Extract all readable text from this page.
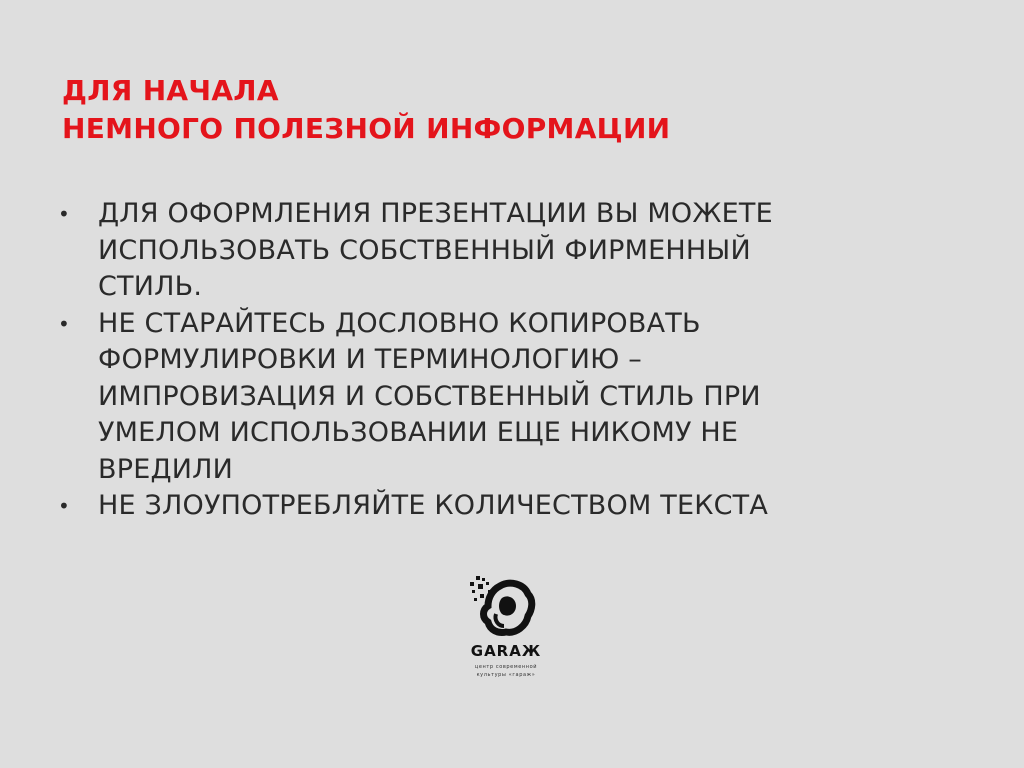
ДЛЯ НАЧАЛА
НЕМНОГО ПОЛЕЗНОЙ ИНФОРМАЦИИ
• ДЛЯ ОФОРМЛЕНИЯ ПРЕЗЕНТАЦИИ ВЫ МОЖЕТЕ
ИСПОЛЬЗОВАТЬ СОБСТВЕННЫЙ ФИРМЕННЫЙ
СТИЛЬ.
• НЕ СТАРАЙТЕСЬ ДОСЛОВНО КОПИРОВАТЬ
ФОРМУЛИРОВКИ И ТЕРМИНОЛОГИЮ –
ИМПРОВИЗАЦИЯ И СОБСТВЕННЫЙ СТИЛЬ ПРИ
УМЕЛОМ ИСПОЛЬЗОВАНИИ ЕЩЕ НИКОМУ НЕ
ВРЕДИЛИ
• НЕ ЗЛОУПОТРЕБЛЯЙТЕ КОЛИЧЕСТВОМ ТЕКСТА
GARAЖ
центр современной
культуры «гараж»
